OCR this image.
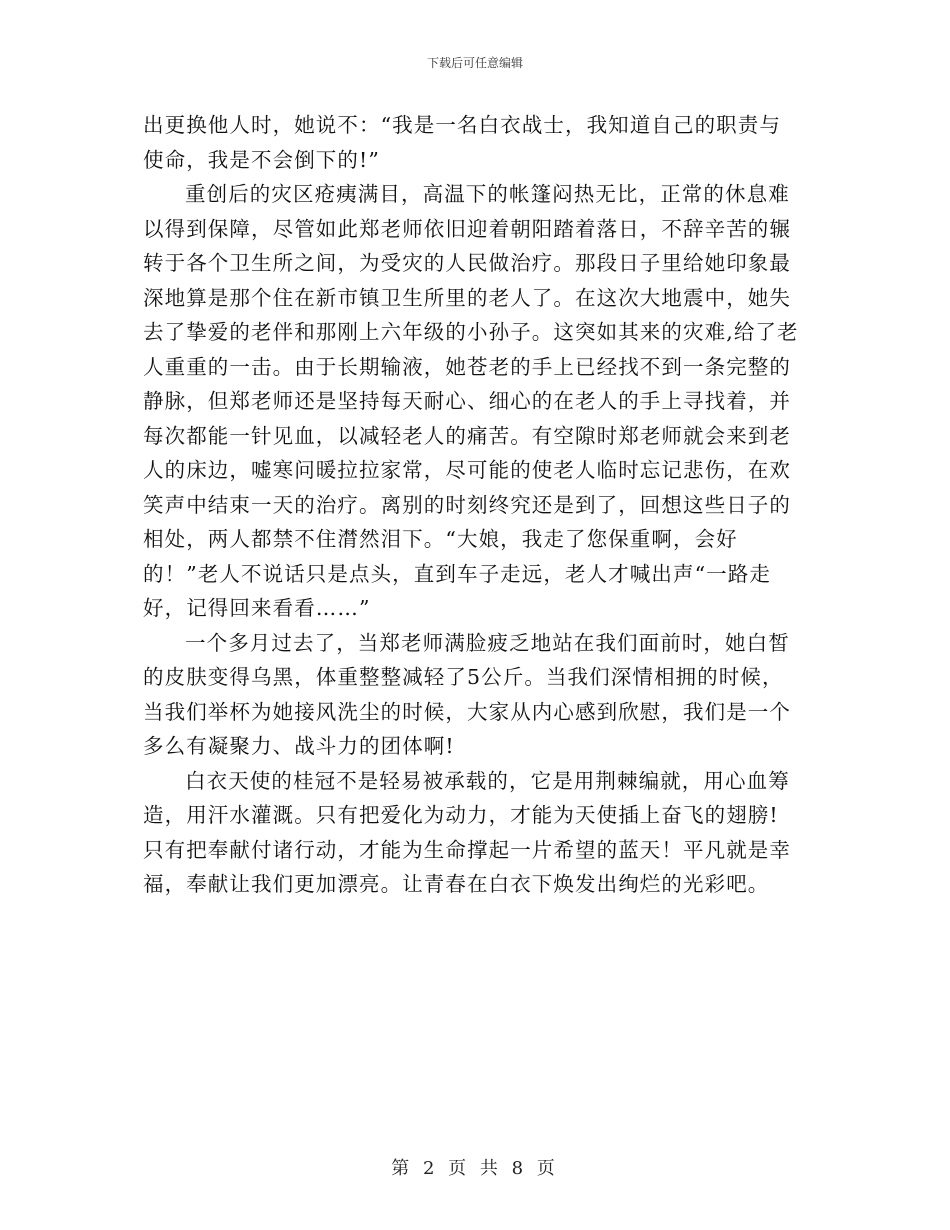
下载后可任意编辑
出更换他人时，她说不：“我是一名白衣战士，我知道自己的职责与
使命，我是不会倒下的!”
重创后的灾区疮痍满目，高温下的帐篷闷热无比，正常的休息难
以得到保障，尽管如此郑老师依旧迎着朝阳踏着落日，不辞辛苦的辗
转于各个卫生所之间，为受灾的人民做治疗。那段日子里给她印象最
深地算是那个住在新市镇卫生所里的老人了。在这次大地震中，她失
去了挚爱的老伴和那刚上六年级的小孙子。这突如其来的灾难,给了老
人重重的一击。由于长期输液，她苍老的手上已经找不到一条完整的
静脉，但郑老师还是坚持每天耐心、细心的在老人的手上寻找着，并
每次都能一针见血，以减轻老人的痛苦。有空隙时郑老师就会来到老
人的床边，嘘寒问暖拉拉家常，尽可能的使老人临时忘记悲伤，在欢
笑声中结束一天的治疗。离别的时刻终究还是到了，回想这些日子的
相处，两人都禁不住潸然泪下。“大娘，我走了您保重啊，会好
的！”老人不说话只是点头，直到车子走远，老人才喊出声“一路走
好，记得回来看看……”
一个多月过去了，当郑老师满脸疲乏地站在我们面前时，她白皙
的皮肤变得乌黑，体重整整减轻了5公斤。当我们深情相拥的时候，
当我们举杯为她接风洗尘的时候，大家从内心感到欣慰，我们是一个
多么有凝聚力、战斗力的团体啊!
白衣天使的桂冠不是轻易被承载的，它是用荆棘编就，用心血筹
造，用汗水灌溉。只有把爱化为动力，才能为天使插上奋飞的翅膀!
只有把奉献付诸行动，才能为生命撑起一片希望的蓝天！平凡就是幸
福，奉献让我们更加漂亮。让青春在白衣下焕发出绚烂的光彩吧。
第 2 页 共 8 页
